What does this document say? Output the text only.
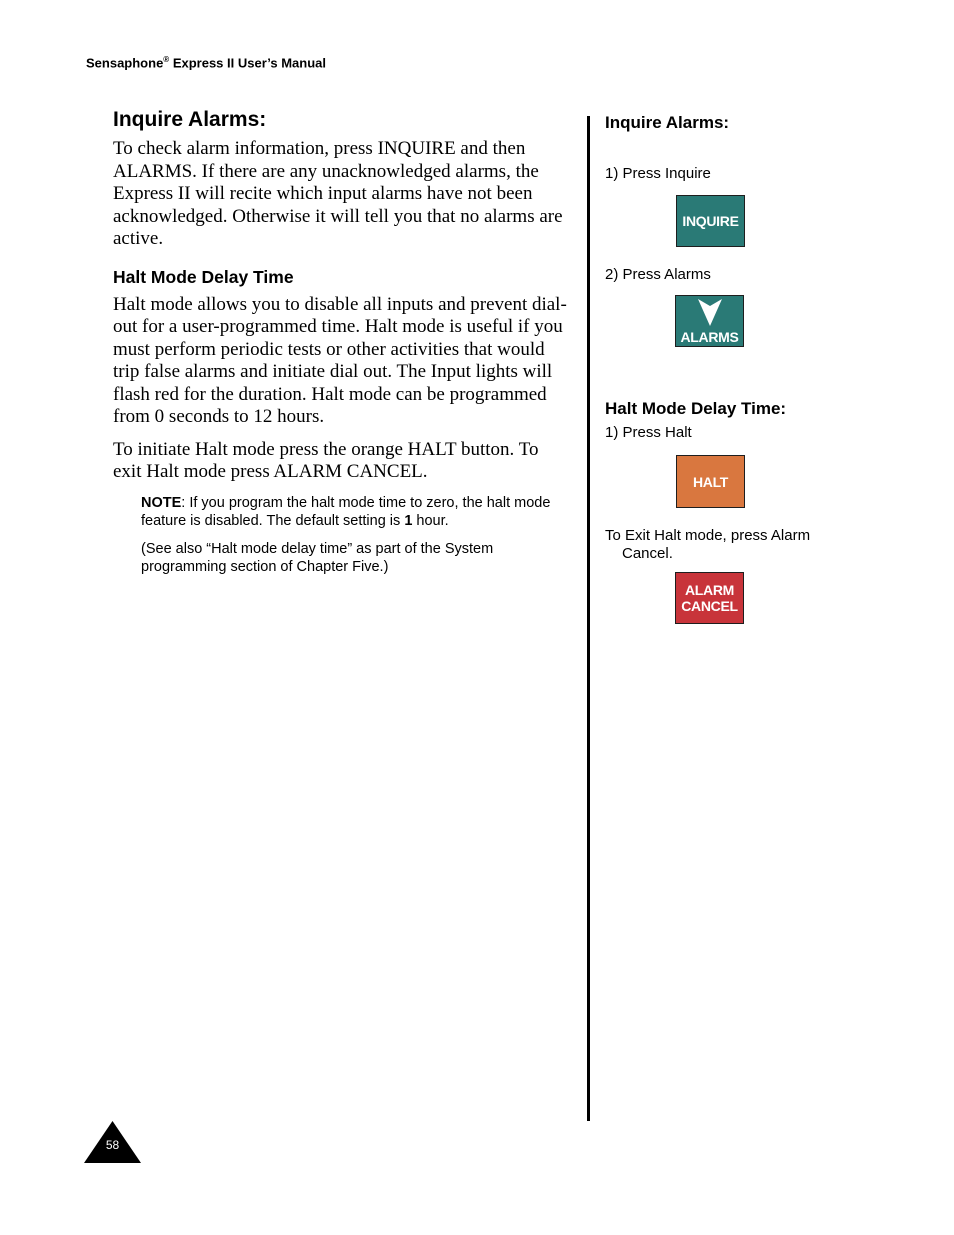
Sensaphone® Express II User’s Manual
Inquire Alarms:

To check alarm information, press INQUIRE and then ALARMS. If there are any unacknowledged alarms, the Express II will recite which input alarms have not been acknowledged. Otherwise it will tell you that no alarms are active.

Halt Mode Delay Time

Halt mode allows you to disable all inputs and prevent dial-out for a user-programmed time. Halt mode is useful if you must perform periodic tests or other activities that would trip false alarms and initiate dial out. The Input lights will flash red for the duration. Halt mode can be programmed from 0 seconds to 12 hours.

To initiate Halt mode press the orange HALT button. To exit Halt mode press ALARM CANCEL.

NOTE: If you program the halt mode time to zero, the halt mode feature is disabled. The default setting is 1 hour.

(See also “Halt mode delay time” as part of the System programming section of Chapter Five.)

Inquire Alarms:
1) Press Inquire
INQUIRE
2) Press Alarms
ALARMS
Halt Mode Delay Time:
1) Press Halt
HALT
To Exit Halt mode, press Alarm
Cancel.
ALARM
CANCEL
58
